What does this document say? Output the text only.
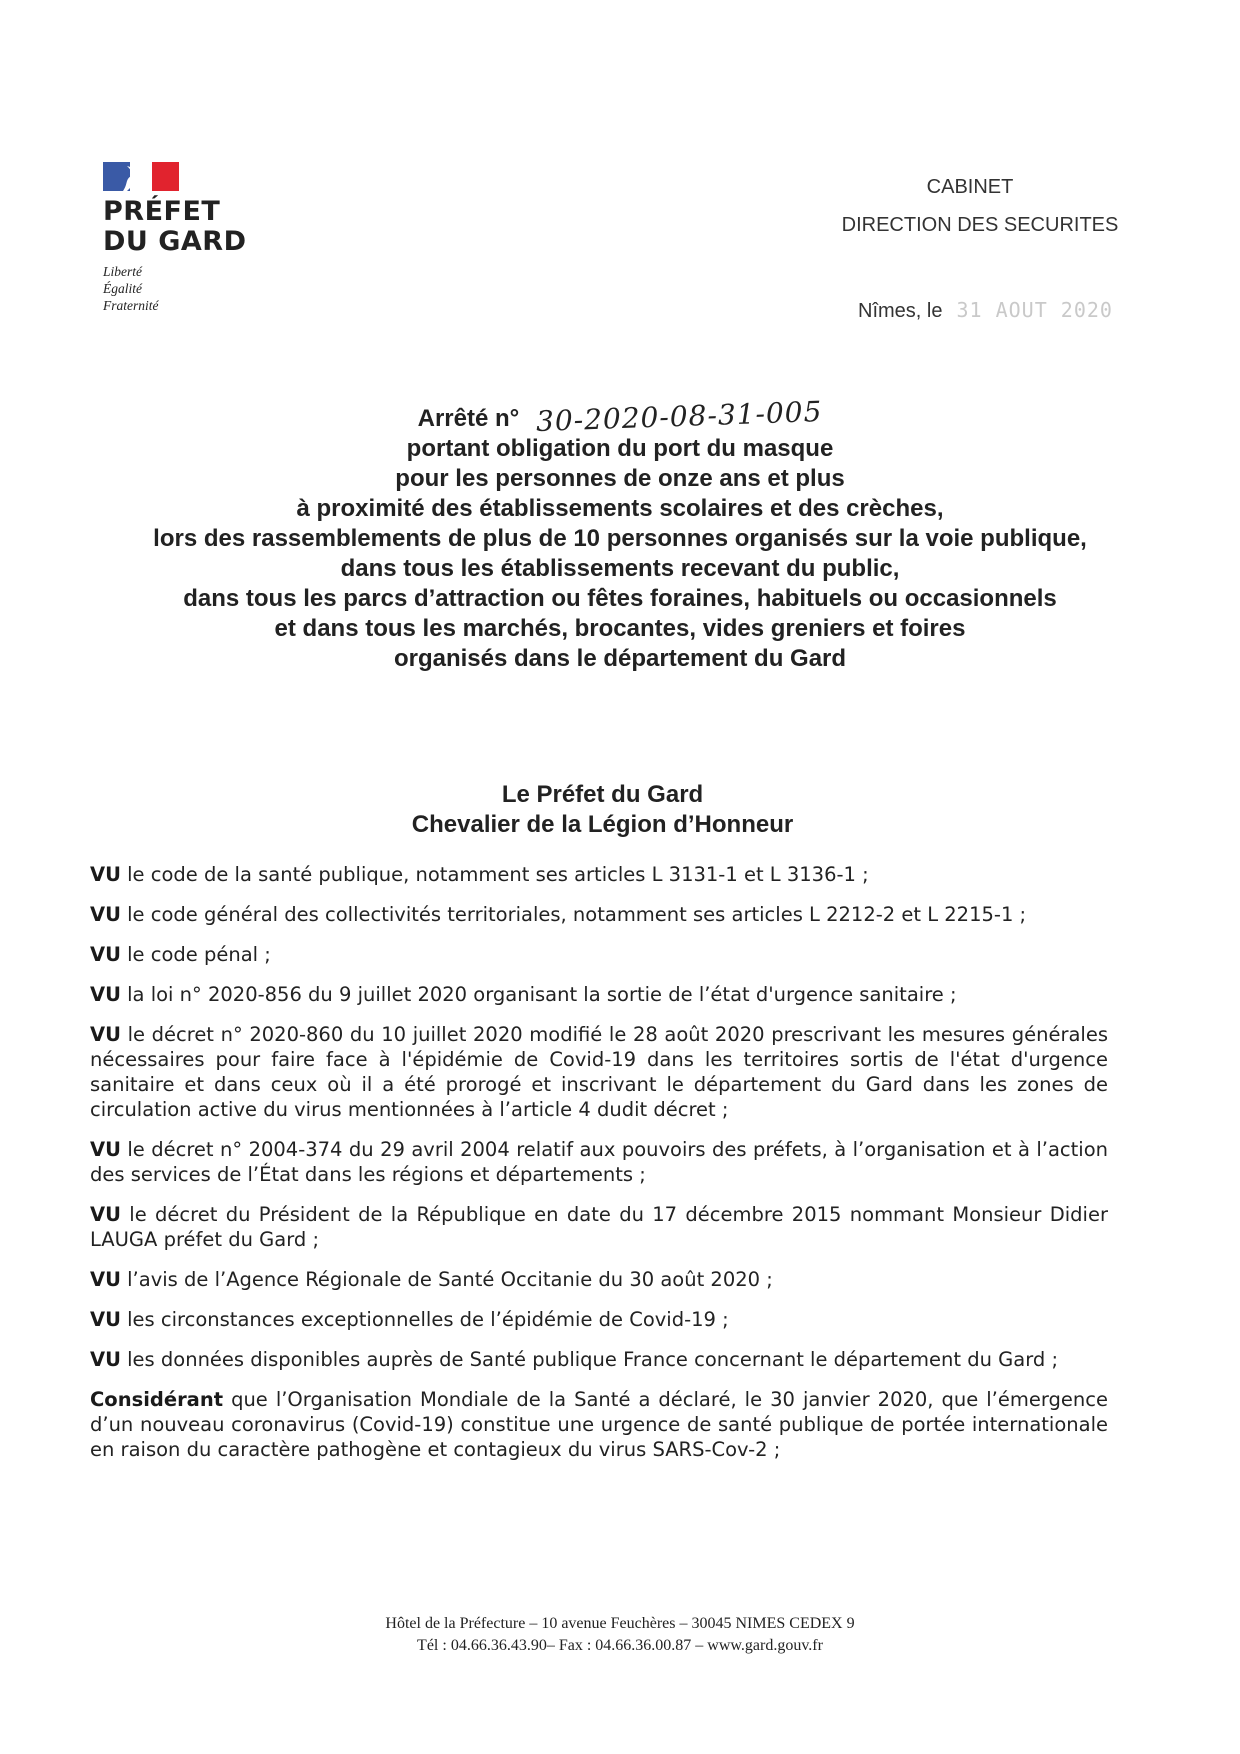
PRÉFET
DU GARD
Liberté
Égalité
Fraternité
CABINET
DIRECTION DES SECURITES
Nîmes, le 31 AOUT 2020

Arrêté n° 30-2020-08-31-005

portant obligation du port du masque

pour les personnes de onze ans et plus

à proximité des établissements scolaires et des crèches,

lors des rassemblements de plus de 10 personnes organisés sur la voie publique,

dans tous les établissements recevant du public,

dans tous les parcs d’attraction ou fêtes foraines, habituels ou occasionnels

et dans tous les marchés, brocantes, vides greniers et foires

organisés dans le département du Gard

Le Préfet du Gard
Chevalier de la Légion d’Honneur

VU le code de la santé publique, notamment ses articles L 3131-1 et L 3136-1 ;

VU le code général des collectivités territoriales, notamment ses articles L 2212-2 et L 2215-1 ;

VU le code pénal ;

VU la loi n° 2020-856 du 9 juillet 2020 organisant la sortie de l’état d'urgence sanitaire ;

VU le décret n° 2020-860 du 10 juillet 2020 modifié le 28 août 2020 prescrivant les mesures générales nécessaires pour faire face à l'épidémie de Covid-19 dans les territoires sortis de l'état d'urgence sanitaire et dans ceux où il a été prorogé et inscrivant le département du Gard dans les zones de circulation active du virus mentionnées à l’article 4 dudit décret ;

VU le décret n° 2004-374 du 29 avril 2004 relatif aux pouvoirs des préfets, à l’organisation et à l’action des services de l’État dans les régions et départements ;

VU le décret du Président de la République en date du 17 décembre 2015 nommant Monsieur Didier LAUGA préfet du Gard ;

VU l’avis de l’Agence Régionale de Santé Occitanie du 30 août 2020 ;

VU les circonstances exceptionnelles de l’épidémie de Covid-19 ;

VU les données disponibles auprès de Santé publique France concernant le département du Gard ;

Considérant que l’Organisation Mondiale de la Santé a déclaré, le 30 janvier 2020, que l’émergence d’un nouveau coronavirus (Covid-19) constitue une urgence de santé publique de portée internationale en raison du caractère pathogène et contagieux du virus SARS-Cov-2 ;

Hôtel de la Préfecture – 10 avenue Feuchères – 30045 NIMES CEDEX 9
Tél : 04.66.36.43.90– Fax : 04.66.36.00.87 – www.gard.gouv.fr
